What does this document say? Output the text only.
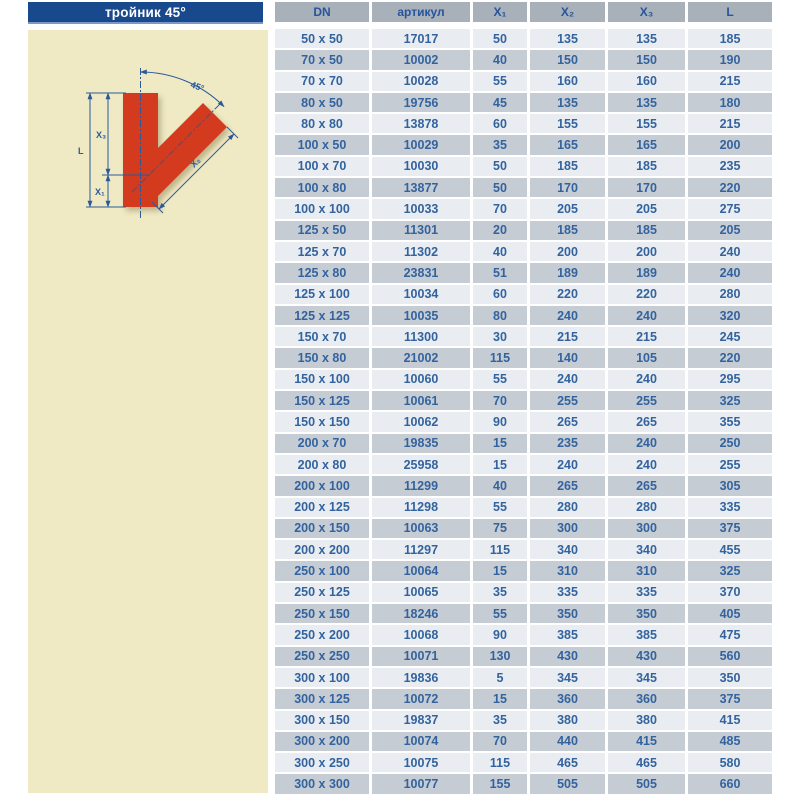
тройник 45°
45°
L
X₃
X₁
X₂
DN	артикул	X₁	X₂	X₃	L
50 x 50	17017	50	135	135	185
70 x 50	10002	40	150	150	190
70 x 70	10028	55	160	160	215
80 x 50	19756	45	135	135	180
80 x 80	13878	60	155	155	215
100 x 50	10029	35	165	165	200
100 x 70	10030	50	185	185	235
100 x 80	13877	50	170	170	220
100 x 100	10033	70	205	205	275
125 x 50	11301	20	185	185	205
125 x 70	11302	40	200	200	240
125 x 80	23831	51	189	189	240
125 x 100	10034	60	220	220	280
125 x 125	10035	80	240	240	320
150 x 70	11300	30	215	215	245
150 x 80	21002	115	140	105	220
150 x 100	10060	55	240	240	295
150 x 125	10061	70	255	255	325
150 x 150	10062	90	265	265	355
200 x 70	19835	15	235	240	250
200 x 80	25958	15	240	240	255
200 x 100	11299	40	265	265	305
200 x 125	11298	55	280	280	335
200 x 150	10063	75	300	300	375
200 x 200	11297	115	340	340	455
250 x 100	10064	15	310	310	325
250 x 125	10065	35	335	335	370
250 x 150	18246	55	350	350	405
250 x 200	10068	90	385	385	475
250 x 250	10071	130	430	430	560
300 x 100	19836	5	345	345	350
300 x 125	10072	15	360	360	375
300 x 150	19837	35	380	380	415
300 x 200	10074	70	440	415	485
300 x 250	10075	115	465	465	580
300 x 300	10077	155	505	505	660
